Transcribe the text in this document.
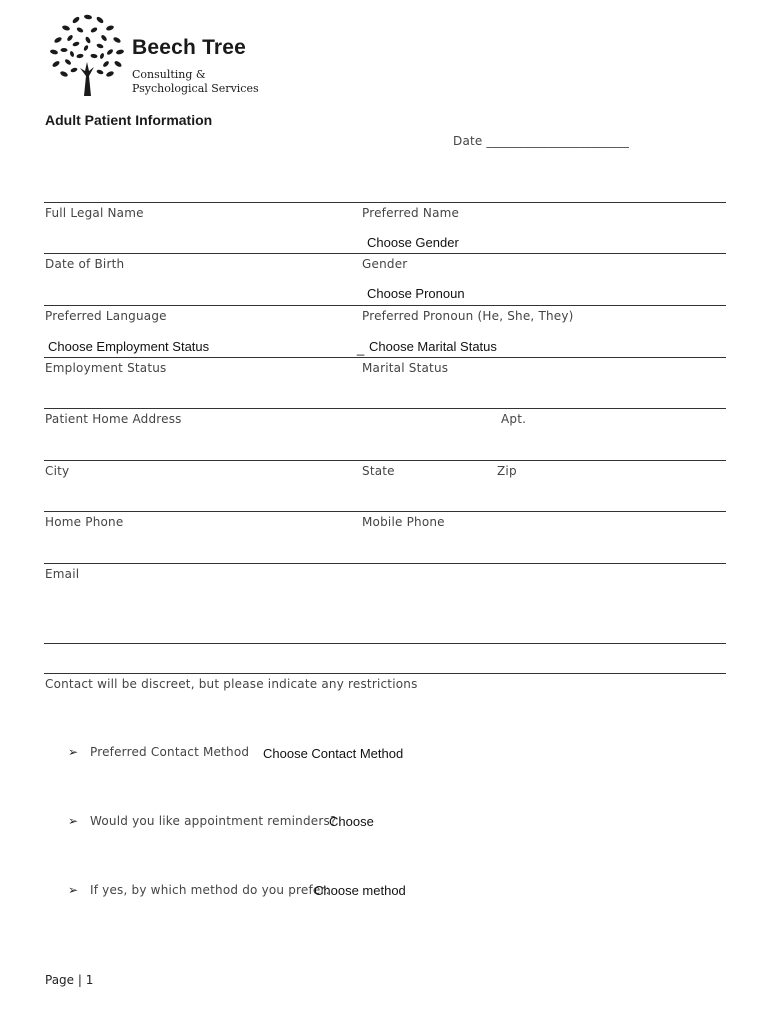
Beech Tree
Consulting &
Psychological Services
Adult Patient Information
Date _______________________
Full Legal Name	Preferred Name
Choose Gender
Date of Birth	Gender
Choose Pronoun
Preferred Language	Preferred Pronoun (He, She, They)
Choose Employment Status	_ Choose Marital Status
Employment Status	Marital Status
Patient Home Address	Apt.
City	State	Zip
Home Phone	Mobile Phone
Email
Contact will be discreet, but please indicate any restrictions
➢ Preferred Contact Method Choose Contact Method
➢ Would you like appointment reminders?
Choose
➢ If yes, by which method do you prefer:
Choose method
Page | 1
